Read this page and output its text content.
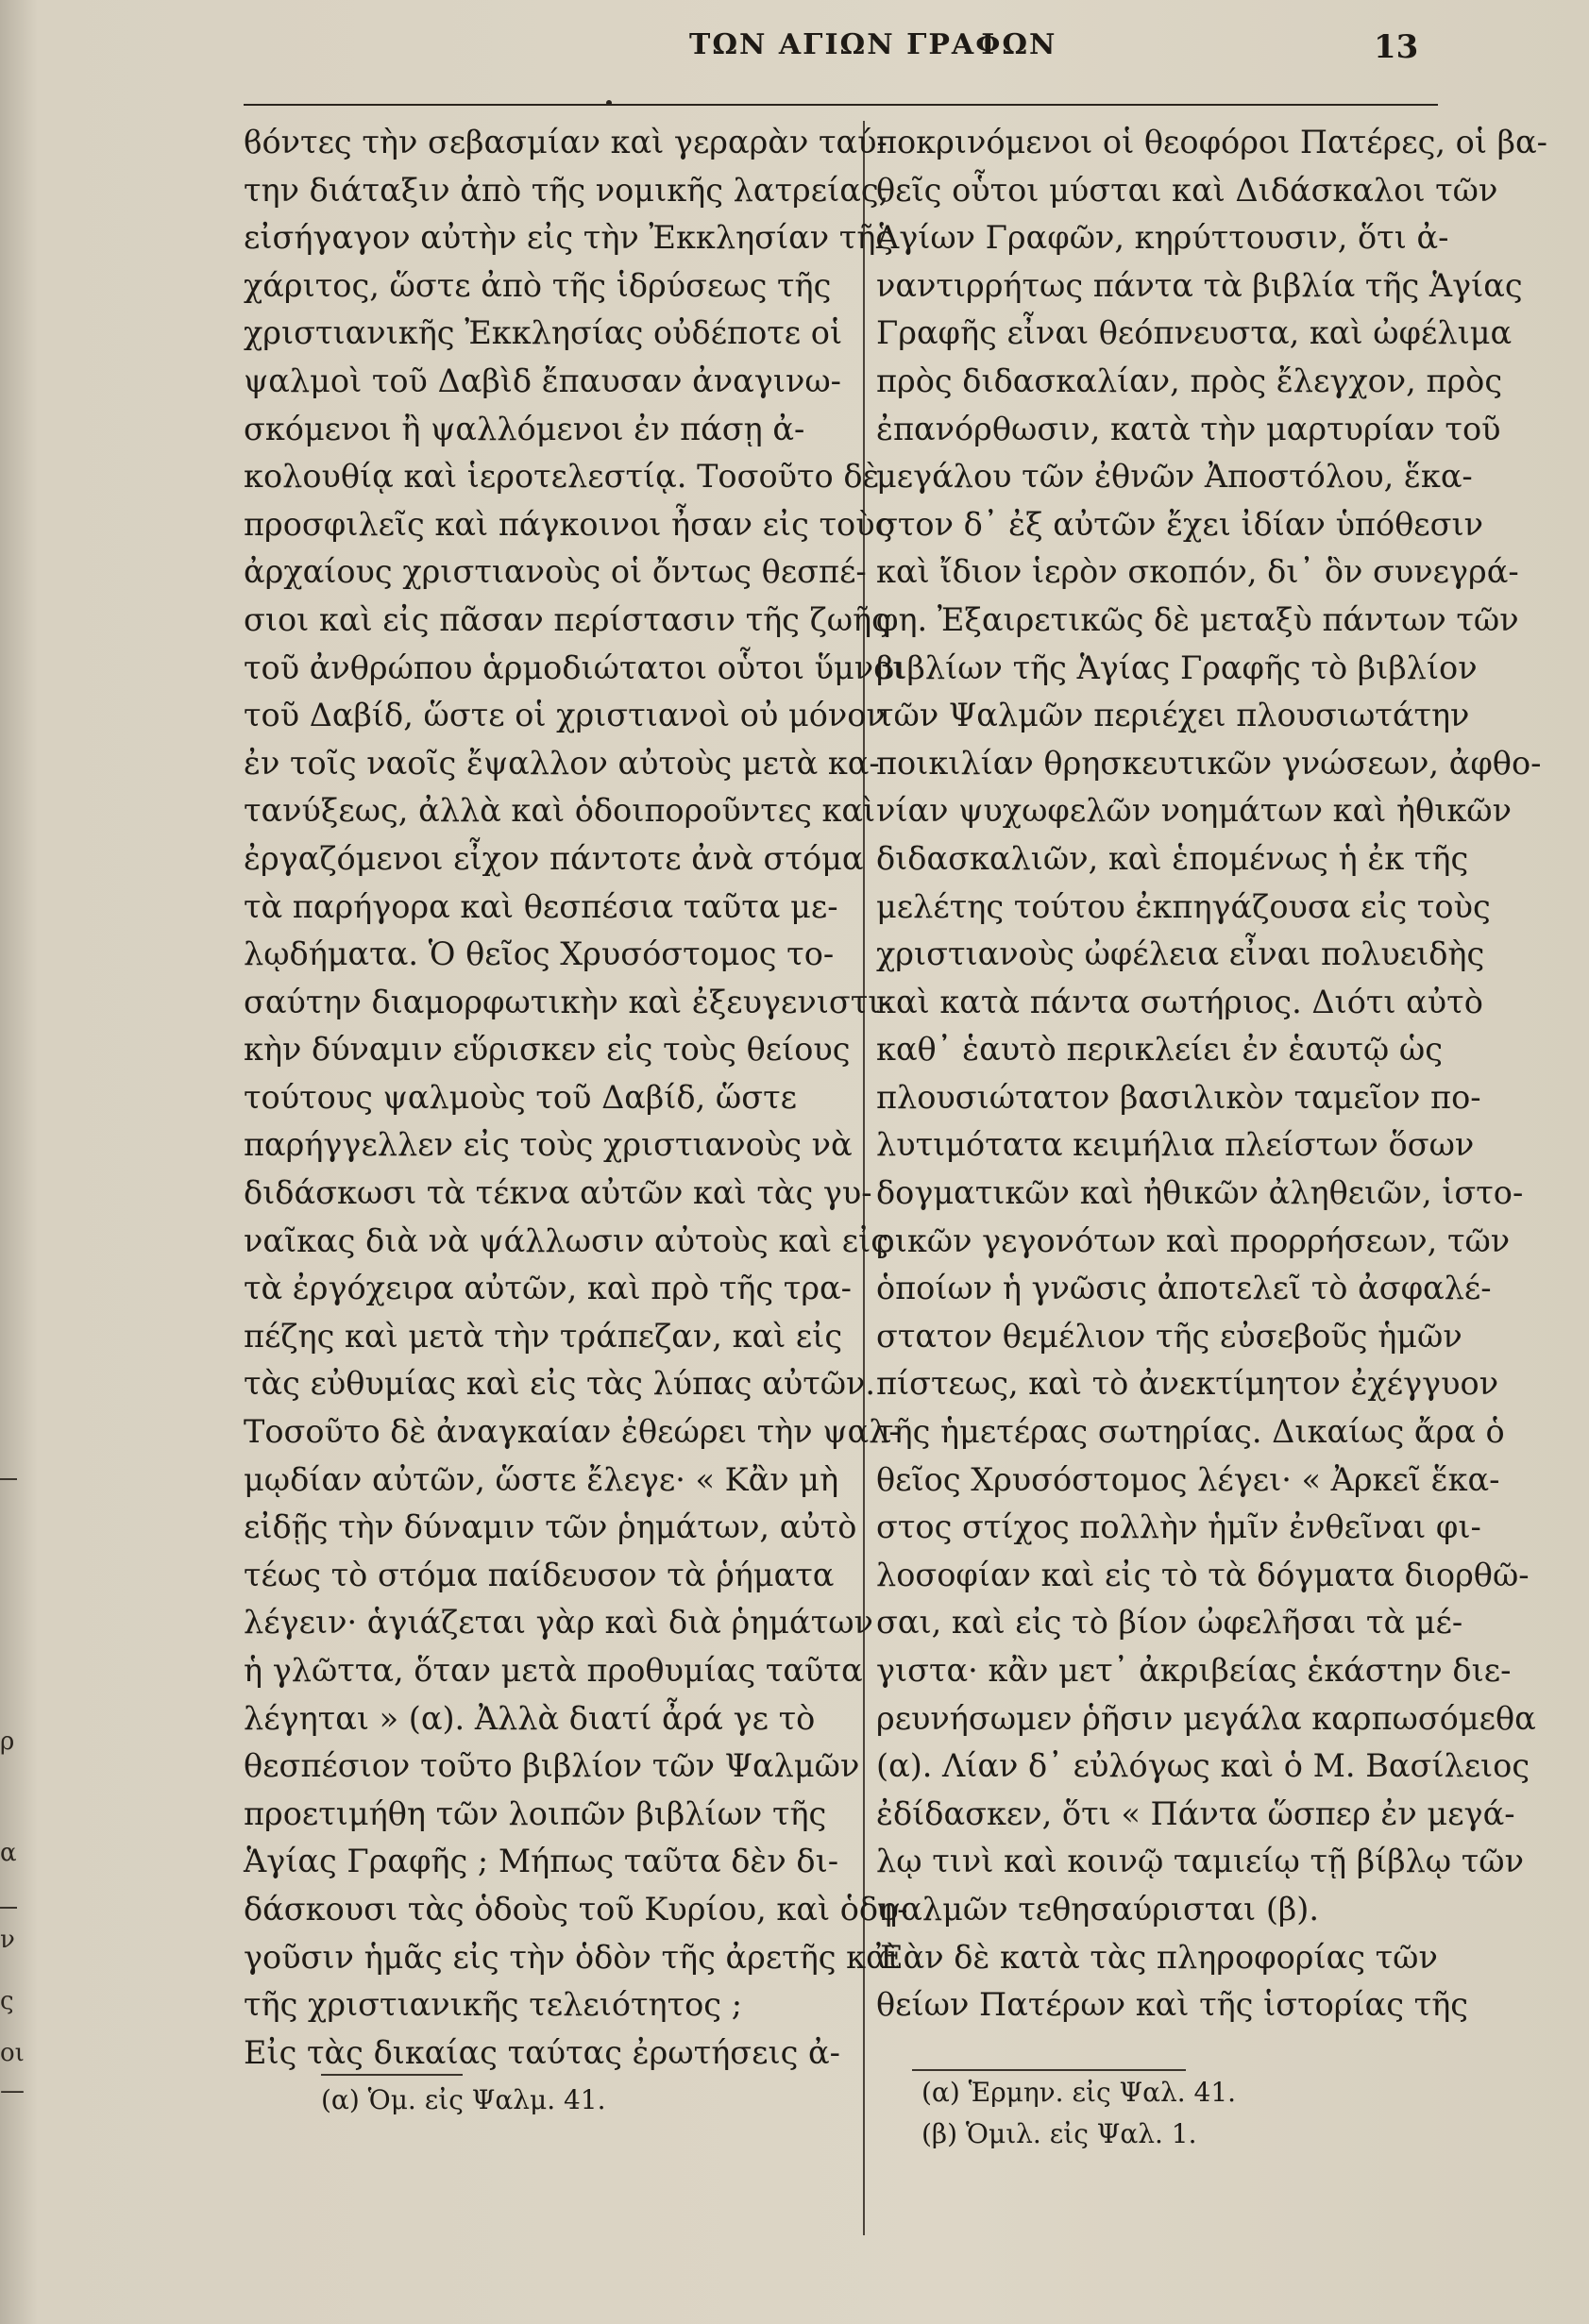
ρ
α
ν
ς
οι
—
ΤΩΝ ΑΓΙΩΝ ΓΡΑΦΩΝ	13
ϐόντες τὴν σεβασμίαν καὶ γεραρὰν ταύ-
την διάταξιν ἀπὸ τῆς νομικῆς λατρείας,
εἰσήγαγον αὐτὴν εἰς τὴν Ἐκκλησίαν τῆς
χάριτος, ὥστε ἀπὸ τῆς ἱδρύσεως τῆς
χριστιανικῆς Ἐκκλησίας οὐδέποτε οἱ
ψαλμοὶ τοῦ Δαβὶδ ἔπαυσαν ἀναγινω-
σκόμενοι ἢ ψαλλόμενοι ἐν πάσῃ ἀ-
κολουθίᾳ καὶ ἱεροτελεστίᾳ. Τοσοῦτο δὲ
προσφιλεῖς καὶ πάγκοινοι ἦσαν εἰς τοὺς
ἀρχαίους χριστιανοὺς οἱ ὄντως θεσπέ-
σιοι καὶ εἰς πᾶσαν περίστασιν τῆς ζωῆς
τοῦ ἀνθρώπου ἁρμοδιώτατοι οὗτοι ὕμνοι
τοῦ Δαβίδ, ὥστε οἱ χριστιανοὶ οὐ μόνον
ἐν τοῖς ναοῖς ἔψαλλον αὐτοὺς μετὰ κα-
τανύξεως, ἀλλὰ καὶ ὁδοιποροῦντες καὶ
ἐργαζόμενοι εἶχον πάντοτε ἀνὰ στόμα
τὰ παρήγορα καὶ θεσπέσια ταῦτα με-
λῳδήματα. Ὁ θεῖος Χρυσόστομος το-
σαύτην διαμορφωτικὴν καὶ ἐξευγενιστι-
κὴν δύναμιν εὕρισκεν εἰς τοὺς θείους
τούτους ψαλμοὺς τοῦ Δαβίδ, ὥστε
παρήγγελλεν εἰς τοὺς χριστιανοὺς νὰ
διδάσκωσι τὰ τέκνα αὐτῶν καὶ τὰς γυ-
ναῖκας διὰ νὰ ψάλλωσιν αὐτοὺς καὶ εἰς
τὰ ἐργόχειρα αὐτῶν, καὶ πρὸ τῆς τρα-
πέζης καὶ μετὰ τὴν τράπεζαν, καὶ εἰς
τὰς εὐθυμίας καὶ εἰς τὰς λύπας αὐτῶν.
Τοσοῦτο δὲ ἀναγκαίαν ἐθεώρει τὴν ψαλ-
μῳδίαν αὐτῶν, ὥστε ἔλεγε· « Κἂν μὴ
εἰδῇς τὴν δύναμιν τῶν ῥημάτων, αὐτὸ
τέως τὸ στόμα παίδευσον τὰ ῥήματα
λέγειν· ἁγιάζεται γὰρ καὶ διὰ ῥημάτων
ἡ γλῶττα, ὅταν μετὰ προθυμίας ταῦτα
λέγηται » (α). Ἀλλὰ διατί ἆρά γε τὸ
θεσπέσιον τοῦτο βιβλίον τῶν Ψαλμῶν
προετιμήθη τῶν λοιπῶν βιβλίων τῆς
Ἁγίας Γραφῆς ; Μήπως ταῦτα δὲν δι-
δάσκουσι τὰς ὁδοὺς τοῦ Κυρίου, καὶ ὁδη-
γοῦσιν ἡμᾶς εἰς τὴν ὁδὸν τῆς ἀρετῆς καὶ
τῆς χριστιανικῆς τελειότητος ;
Εἰς τὰς δικαίας ταύτας ἐρωτήσεις ἀ-
ποκρινόμενοι οἱ θεοφόροι Πατέρες, οἱ βα-
θεῖς οὗτοι μύσται καὶ Διδάσκαλοι τῶν
Ἁγίων Γραφῶν, κηρύττουσιν, ὅτι ἀ-
ναντιρρήτως πάντα τὰ βιβλία τῆς Ἁγίας
Γραφῆς εἶναι θεόπνευστα, καὶ ὠφέλιμα
πρὸς διδασκαλίαν, πρὸς ἔλεγχον, πρὸς
ἐπανόρθωσιν, κατὰ τὴν μαρτυρίαν τοῦ
μεγάλου τῶν ἐθνῶν Ἀποστόλου, ἕκα-
στον δ᾽ ἐξ αὐτῶν ἔχει ἰδίαν ὑπόθεσιν
καὶ ἴδιον ἱερὸν σκοπόν, δι᾽ ὃν συνεγρά-
φη. Ἐξαιρετικῶς δὲ μεταξὺ πάντων τῶν
βιβλίων τῆς Ἁγίας Γραφῆς τὸ βιβλίον
τῶν Ψαλμῶν περιέχει πλουσιωτάτην
ποικιλίαν θρησκευτικῶν γνώσεων, ἀφθο-
νίαν ψυχωφελῶν νοημάτων καὶ ἠθικῶν
διδασκαλιῶν, καὶ ἑπομένως ἡ ἐκ τῆς
μελέτης τούτου ἐκπηγάζουσα εἰς τοὺς
χριστιανοὺς ὠφέλεια εἶναι πολυειδὴς
καὶ κατὰ πάντα σωτήριος. Διότι αὐτὸ
καθ᾽ ἑαυτὸ περικλείει ἐν ἑαυτῷ ὡς
πλουσιώτατον βασιλικὸν ταμεῖον πο-
λυτιμότατα κειμήλια πλείστων ὅσων
δογματικῶν καὶ ἠθικῶν ἀληθειῶν, ἱστο-
ρικῶν γεγονότων καὶ προρρήσεων, τῶν
ὁποίων ἡ γνῶσις ἀποτελεῖ τὸ ἀσφαλέ-
στατον θεμέλιον τῆς εὐσεβοῦς ἡμῶν
πίστεως, καὶ τὸ ἀνεκτίμητον ἐχέγγυον
τῆς ἡμετέρας σωτηρίας. Δικαίως ἄρα ὁ
θεῖος Χρυσόστομος λέγει· « Ἀρκεῖ ἕκα-
στος στίχος πολλὴν ἡμῖν ἐνθεῖναι φι-
λοσοφίαν καὶ εἰς τὸ τὰ δόγματα διορθῶ-
σαι, καὶ εἰς τὸ βίον ὠφελῆσαι τὰ μέ-
γιστα· κἂν μετ᾽ ἀκριβείας ἑκάστην διε-
ρευνήσωμεν ῥῆσιν μεγάλα καρπωσόμεθα
(α). Λίαν δ᾽ εὐλόγως καὶ ὁ Μ. Βασίλειος
ἐδίδασκεν, ὅτι « Πάντα ὥσπερ ἐν μεγά-
λῳ τινὶ καὶ κοινῷ ταμιείῳ τῇ βίβλῳ τῶν
ψαλμῶν τεθησαύρισται (β).
Ἐὰν δὲ κατὰ τὰς πληροφορίας τῶν
θείων Πατέρων καὶ τῆς ἱστορίας τῆς
(α) Ὁμ. εἰς Ψαλμ. 41.	(α) Ἑρμην. εἰς Ψαλ. 41.
(β) Ὁμιλ. εἰς Ψαλ. 1.
